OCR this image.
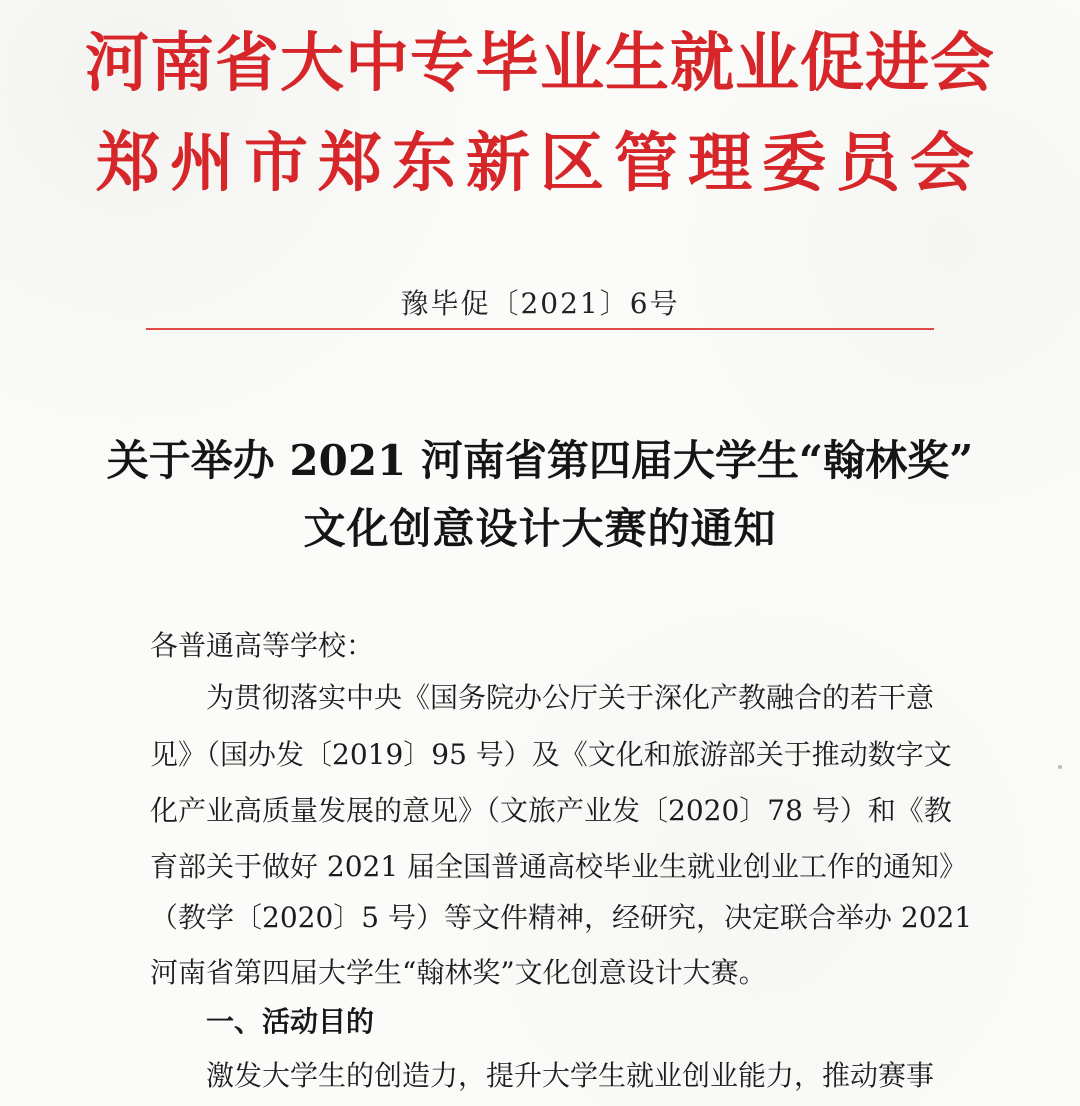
河南省大中专毕业生就业促进会
郑州市郑东新区管理委员会
豫毕促〔2021〕6号
关于举办 2021 河南省第四届大学生“翰林奖”
文化创意设计大赛的通知
各普通高等学校：
为贯彻落实中央《国务院办公厅关于深化产教融合的若干意
见》（国办发〔2019〕95 号）及《文化和旅游部关于推动数字文
化产业高质量发展的意见》（文旅产业发〔2020〕78 号）和《教
育部关于做好 2021 届全国普通高校毕业生就业创业工作的通知》
（教学〔2020〕5 号）等文件精神，经研究，决定联合举办 2021
河南省第四届大学生“翰林奖”文化创意设计大赛。
一、活动目的
激发大学生的创造力，提升大学生就业创业能力，推动赛事
